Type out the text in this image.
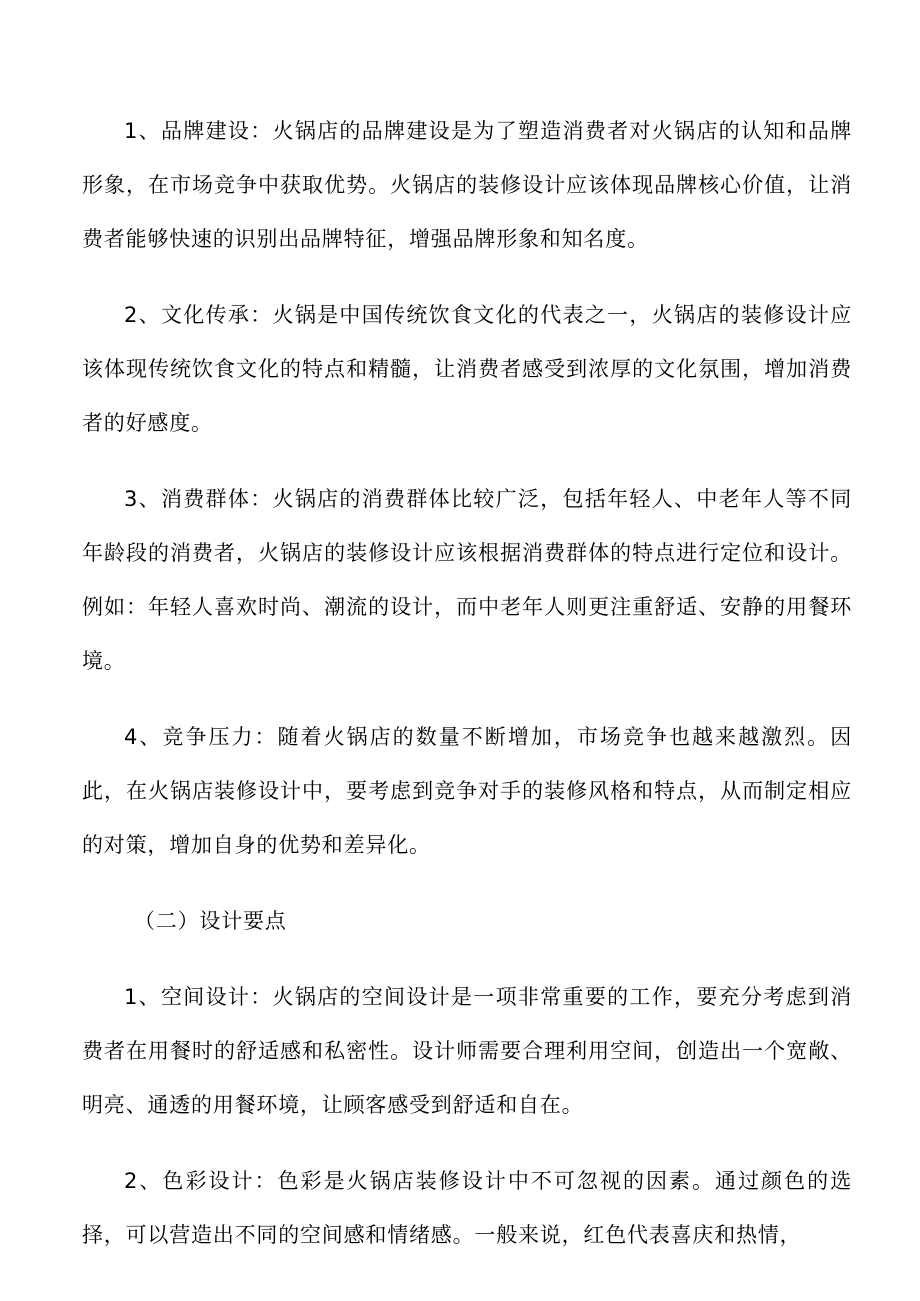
1、品牌建设：火锅店的品牌建设是为了塑造消费者对火锅店的认知和品牌形象，在市场竞争中获取优势。火锅店的装修设计应该体现品牌核心价值，让消费者能够快速的识别出品牌特征，增强品牌形象和知名度。

2、文化传承：火锅是中国传统饮食文化的代表之一，火锅店的装修设计应该体现传统饮食文化的特点和精髓，让消费者感受到浓厚的文化氛围，增加消费者的好感度。

3、消费群体：火锅店的消费群体比较广泛，包括年轻人、中老年人等不同年龄段的消费者，火锅店的装修设计应该根据消费群体的特点进行定位和设计。例如：年轻人喜欢时尚、潮流的设计，而中老年人则更注重舒适、安静的用餐环境。

4、竞争压力：随着火锅店的数量不断增加，市场竞争也越来越激烈。因此，在火锅店装修设计中，要考虑到竞争对手的装修风格和特点，从而制定相应的对策，增加自身的优势和差异化。

（二）设计要点

1、空间设计：火锅店的空间设计是一项非常重要的工作，要充分考虑到消费者在用餐时的舒适感和私密性。设计师需要合理利用空间，创造出一个宽敞、明亮、通透的用餐环境，让顾客感受到舒适和自在。

2、色彩设计：色彩是火锅店装修设计中不可忽视的因素。通过颜色的选择，可以营造出不同的空间感和情绪感。一般来说，红色代表喜庆和热情，
